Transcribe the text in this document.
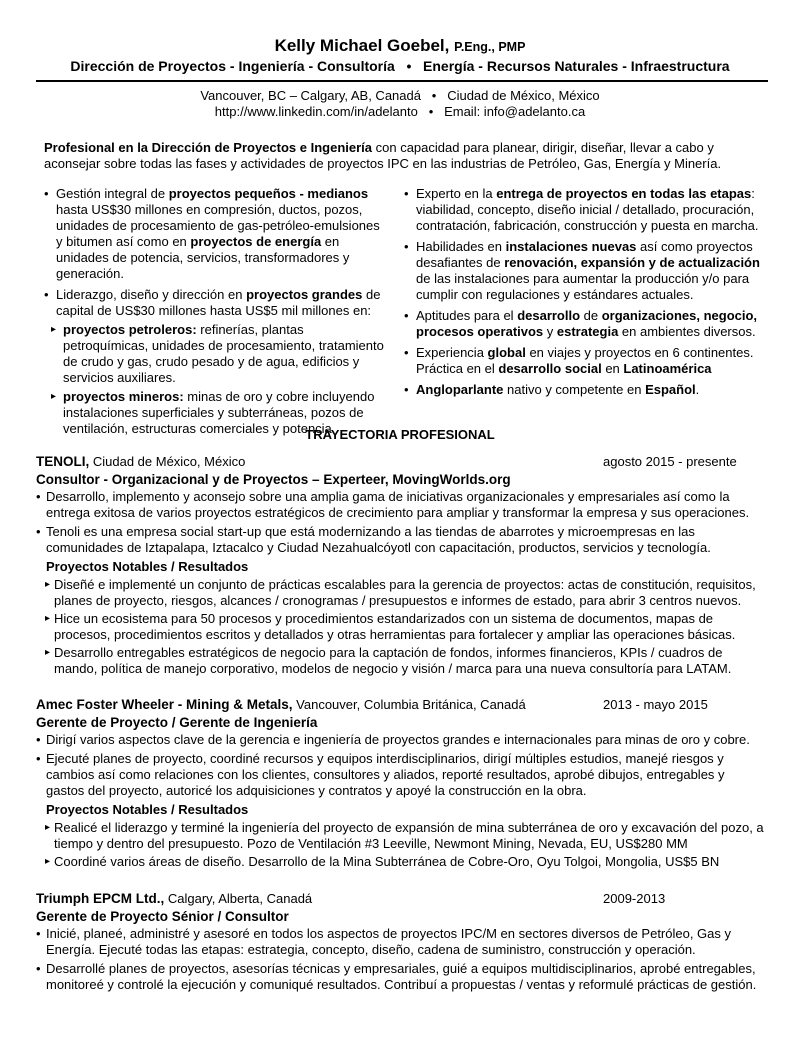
Kelly Michael Goebel, P.Eng., PMP
Dirección de Proyectos - Ingeniería - Consultoría   •   Energía - Recursos Naturales - Infraestructura
Vancouver, BC – Calgary, AB, Canadá   •   Ciudad de México, México
http://www.linkedin.com/in/adelanto   •   Email: info@adelanto.ca
Profesional en la Dirección de Proyectos e Ingeniería con capacidad para planear, dirigir, diseñar, llevar a cabo y aconsejar sobre todas las fases y actividades de proyectos IPC en las industrias de Petróleo, Gas, Energía y Minería.
• Gestión integral de proyectos pequeños - medianos hasta US$30 millones en compresión, ductos, pozos, unidades de procesamiento de gas-petróleo-emulsiones y bitumen así como en proyectos de energía en unidades de potencia, servicios, transformadores y generación.
• Liderazgo, diseño y dirección en proyectos grandes de capital de US$30 millones hasta US$5 mil millones en:
▸ proyectos petroleros: refinerías, plantas petroquímicas, unidades de procesamiento, tratamiento de crudo y gas, crudo pesado y de agua, edificios y servicios auxiliares.
▸ proyectos mineros: minas de oro y cobre incluyendo instalaciones superficiales y subterráneas, pozos de ventilación, estructuras comerciales y potencia.
• Experto en la entrega de proyectos en todas las etapas: viabilidad, concepto, diseño inicial / detallado, procuración, contratación, fabricación, construcción y puesta en marcha.
• Habilidades en instalaciones nuevas así como proyectos desafiantes de renovación, expansión y de actualización de las instalaciones para aumentar la producción y/o para cumplir con regulaciones y estándares actuales.
• Aptitudes para el desarrollo de organizaciones, negocio, procesos operativos y estrategia en ambientes diversos.
• Experiencia global en viajes y proyectos en 6 continentes. Práctica en el desarrollo social en Latinoamérica
• Angloparlante nativo y competente en Español.
TRAYECTORIA PROFESIONAL
TENOLI, Ciudad de México, México	agosto 2015 - presente
Consultor - Organizacional y de Proyectos – Experteer, MovingWorlds.org
• Desarrollo, implemento y aconsejo sobre una amplia gama de iniciativas organizacionales y empresariales así como la entrega exitosa de varios proyectos estratégicos de crecimiento para ampliar y transformar la empresa y sus operaciones.
• Tenoli es una empresa social start-up que está modernizando a las tiendas de abarrotes y microempresas en las comunidades de Iztapalapa, Iztacalco y Ciudad Nezahualcóyotl con capacitación, productos, servicios y tecnología.
Proyectos Notables / Resultados
▸ Diseñé e implementé un conjunto de prácticas escalables para la gerencia de proyectos: actas de constitución, requisitos, planes de proyecto, riesgos, alcances / cronogramas / presupuestos e informes de estado, para abrir 3 centros nuevos.
▸ Hice un ecosistema para 50 procesos y procedimientos estandarizados con un sistema de documentos, mapas de procesos, procedimientos escritos y detallados y otras herramientas para fortalecer y ampliar las operaciones básicas.
▸ Desarrollo entregables estratégicos de negocio para la captación de fondos, informes financieros, KPIs / cuadros de mando, política de manejo corporativo, modelos de negocio y visión / marca para una nueva consultoría para LATAM.
Amec Foster Wheeler - Mining & Metals, Vancouver, Columbia Británica, Canadá	2013 - mayo 2015
Gerente de Proyecto / Gerente de Ingeniería
• Dirigí varios aspectos clave de la gerencia e ingeniería de proyectos grandes e internacionales para minas de oro y cobre.
• Ejecuté planes de proyecto, coordiné recursos y equipos interdisciplinarios, dirigí múltiples estudios, manejé riesgos y cambios así como relaciones con los clientes, consultores y aliados, reporté resultados, aprobé dibujos, entregables y gastos del proyecto, autoricé los adquisiciones y contratos y apoyé la construcción en la obra.
Proyectos Notables / Resultados
▸ Realicé el liderazgo y terminé la ingeniería del proyecto de expansión de mina subterránea de oro y excavación del pozo, a tiempo y dentro del presupuesto. Pozo de Ventilación #3 Leeville, Newmont Mining, Nevada, EU, US$280 MM
▸ Coordiné varios áreas de diseño. Desarrollo de la Mina Subterránea de Cobre-Oro, Oyu Tolgoi, Mongolia, US$5 BN
Triumph EPCM Ltd., Calgary, Alberta, Canadá	2009-2013
Gerente de Proyecto Sénior / Consultor
• Inicié, planeé, administré y asesoré en todos los aspectos de proyectos IPC/M en sectores diversos de Petróleo, Gas y Energía. Ejecuté todas las etapas: estrategia, concepto, diseño, cadena de suministro, construcción y operación.
• Desarrollé planes de proyectos, asesorías técnicas y empresariales, guié a equipos multidisciplinarios, aprobé entregables, monitoreé y controlé la ejecución y comuniqué resultados. Contribuí a propuestas / ventas y reformulé prácticas de gestión.
